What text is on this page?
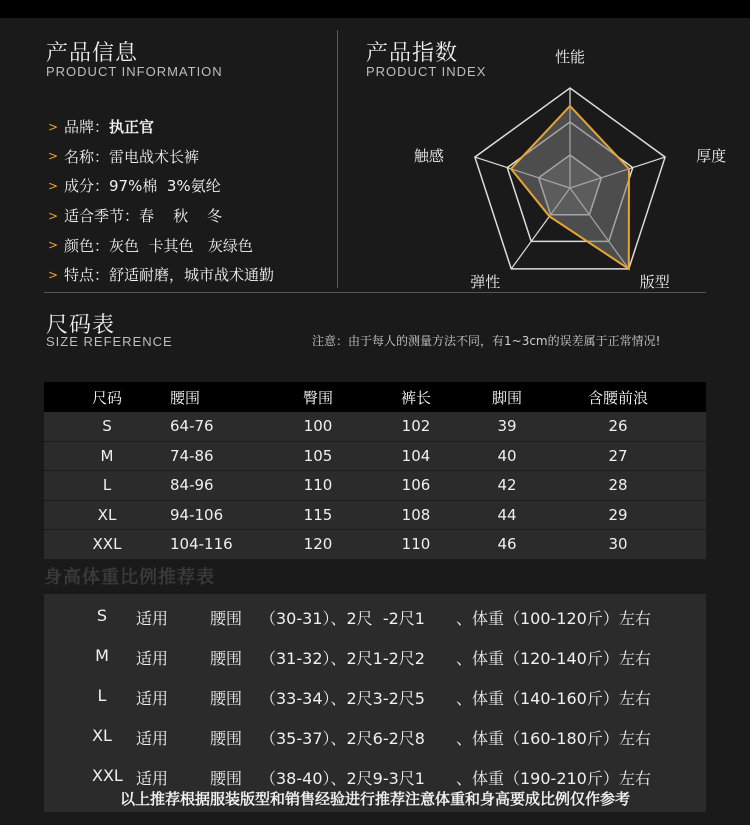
产品信息
PRODUCT INFORMATION
> 品牌： 执正官
> 名称： 雷电战术长裤
> 成分： 97%棉  3%氨纶
> 适合季节： 春    秋    冬
> 颜色： 灰色  卡其色   灰绿色
> 特点： 舒适耐磨，城市战术通勤
产品指数
PRODUCT INDEX
性能
厚度
版型
弹性
触感
尺码表
SIZE REFERENCE	注意：由于每人的测量方法不同，有1~3cm的误差属于正常情况!
尺码	腰围	臀围	裤长	脚围	含腰前浪
S	64-76	100	102	39	26
M	74-86	105	104	40	27
L	84-96	110	106	42	28
XL	94-106	115	108	44	29
XXL	104-116	120	110	46	30
身高体重比例推荐表
S	适用	腰围 （30-31）、2尺  -2尺1 、体重（100-120斤）左右
M 适用	腰围 （31-32）、2尺1-2尺2 、体重（120-140斤）左右
L	适用	腰围 （33-34）、2尺3-2尺5 、体重（140-160斤）左右
XL 适用	腰围 （35-37）、2尺6-2尺8 、体重（160-180斤）左右
XXL 适用	腰围 （38-40）、2尺9-3尺1 、体重（190-210斤）左右
以上推荐根据服装版型和销售经验进行推荐注意体重和身高要成比例仅作参考
